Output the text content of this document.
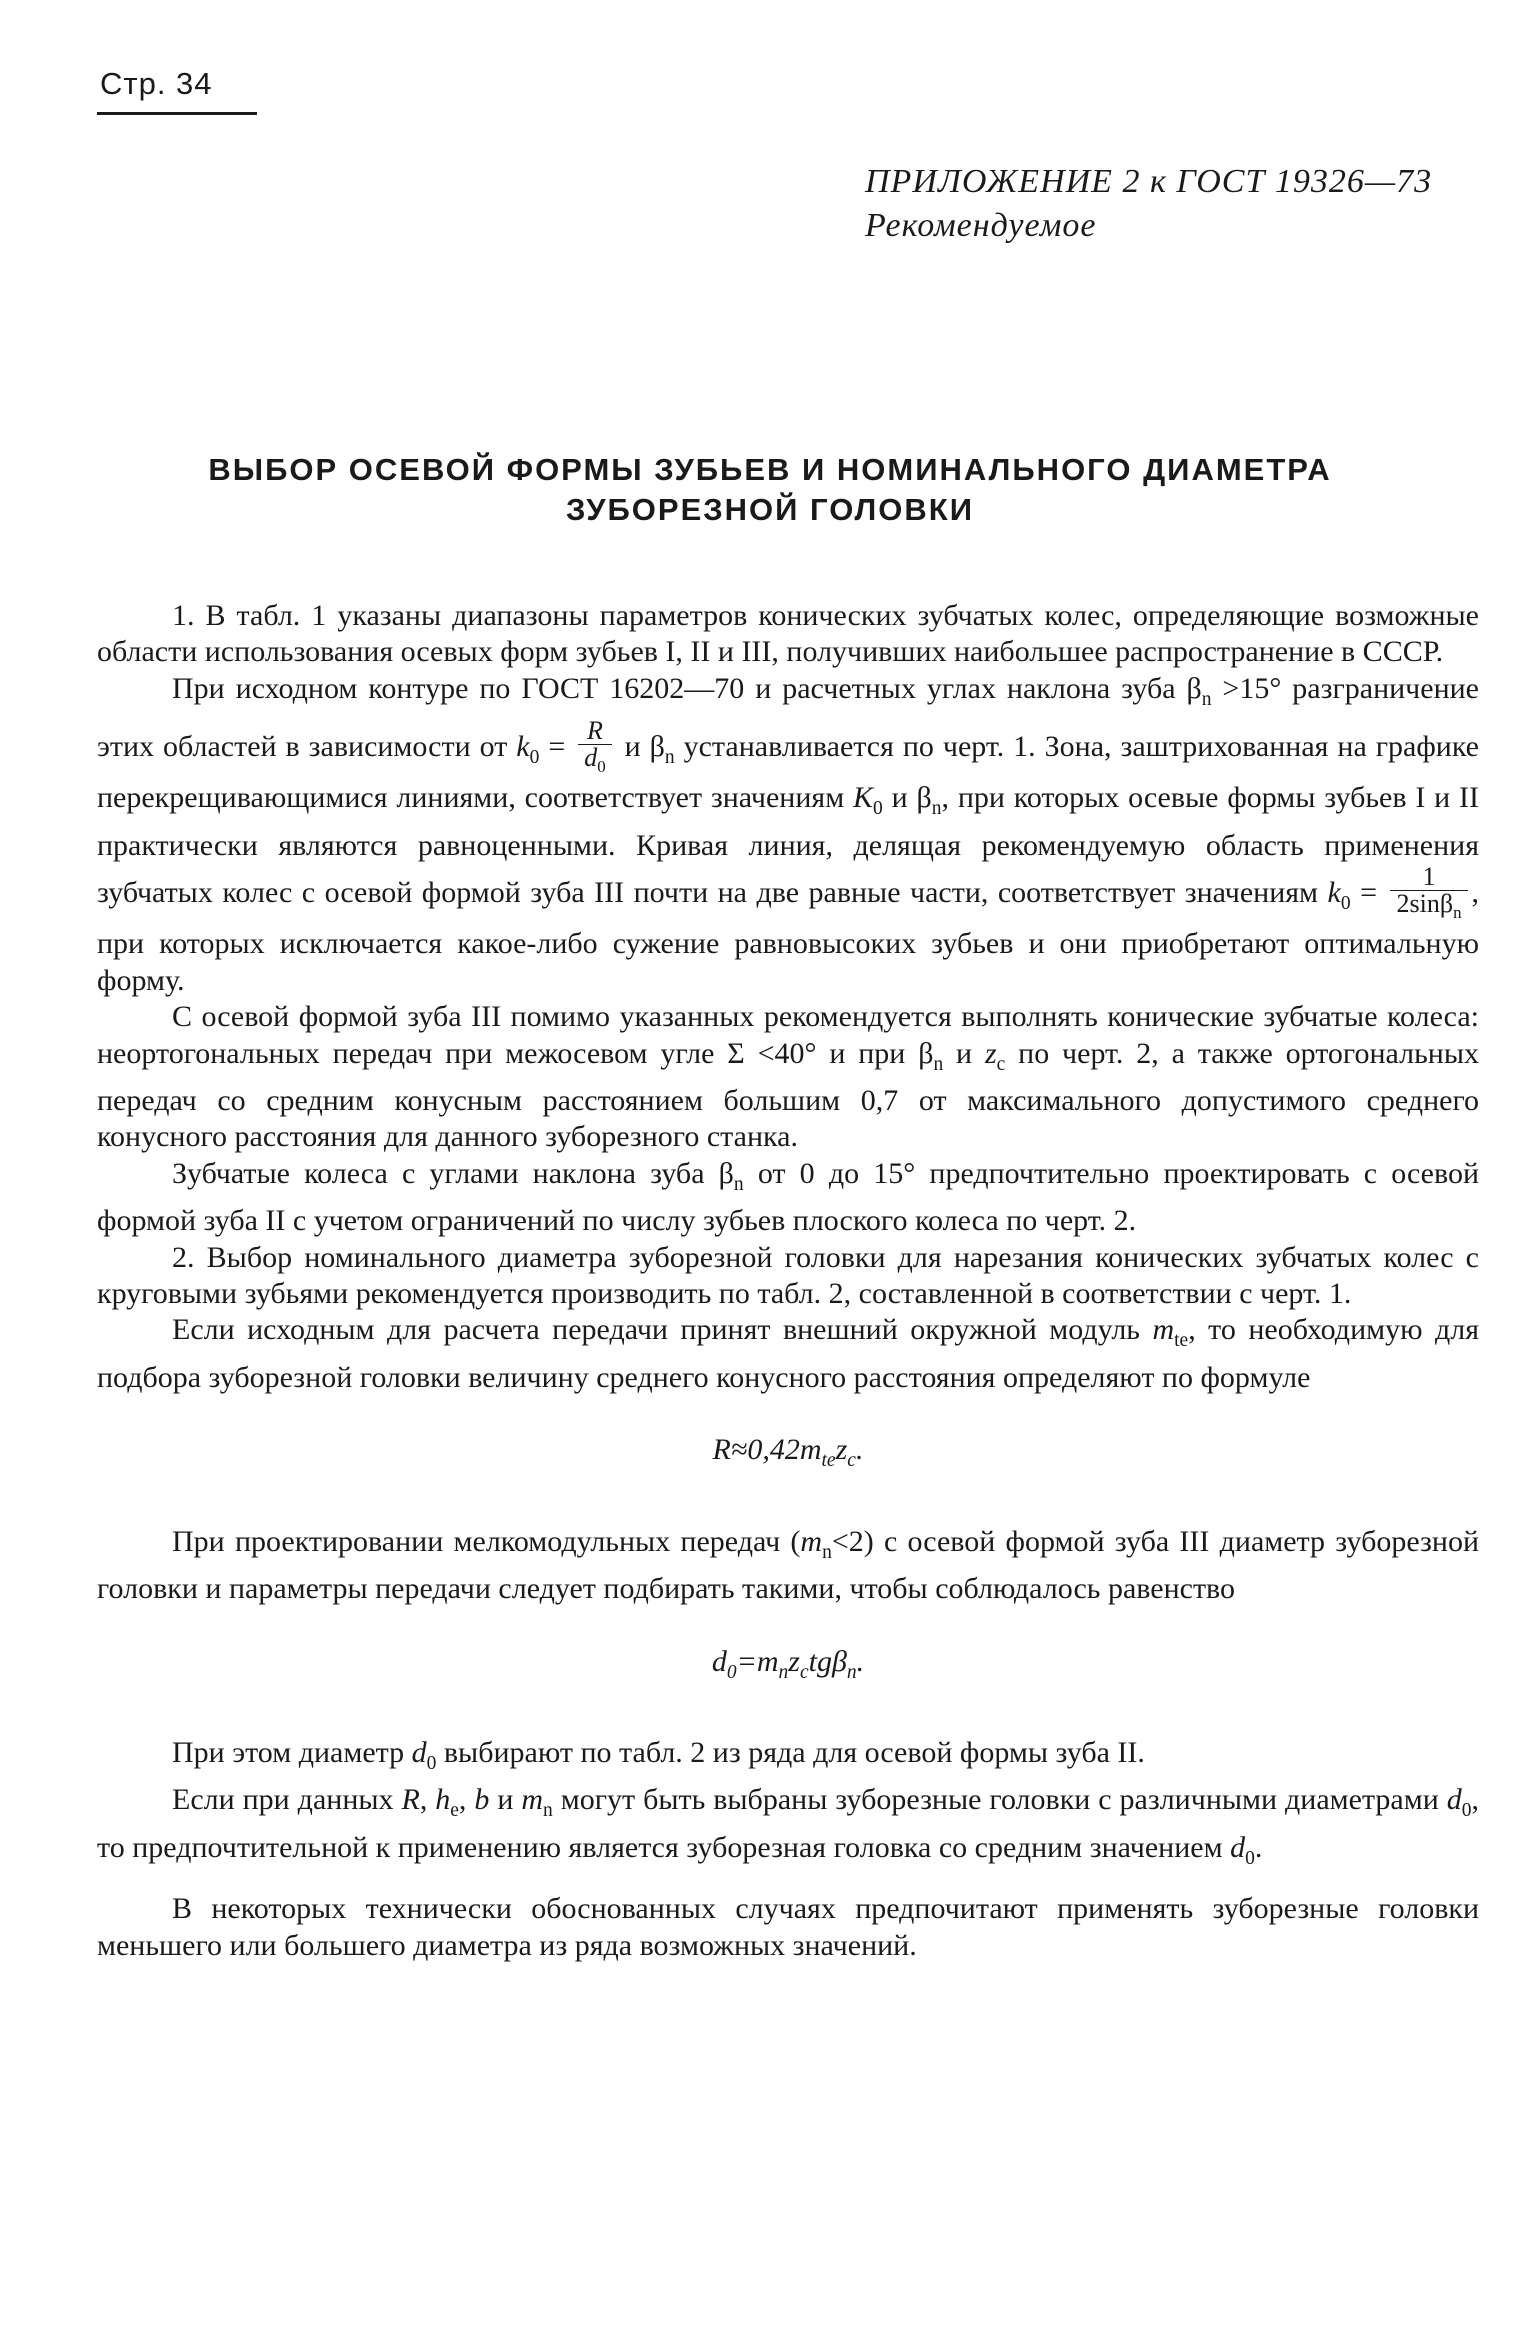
Стр. 34
ПРИЛОЖЕНИЕ 2 к ГОСТ 19326—73
Рекомендуемое
ВЫБОР ОСЕВОЙ ФОРМЫ ЗУБЬЕВ И НОМИНАЛЬНОГО ДИАМЕТРА
ЗУБОРЕЗНОЙ ГОЛОВКИ

1. В табл. 1 указаны диапазоны параметров конических зубчатых колес, определяющие возможные области использования осевых форм зубьев I, II и III, получивших наибольшее распространение в СССР.

При исходном контуре по ГОСТ 16202—70 и расчетных углах наклона зуба $\beta_n >15^\circ$ разграничение этих областей в зависимости от $k_0 = \frac{R}{d_0}$ и $\beta_n$ устанавливается по черт. 1. Зона, заштрихованная на графике перекрещивающимися линиями, соответствует значениям $K_0$ и $\beta_n$, при которых осевые формы зубьев I и II практически являются равноценными. Кривая линия, делящая рекомендуемую область применения зубчатых колес с осевой формой зуба III почти на две равные части, соответствует значениям $k_0 = \frac{1}{2\sin\beta_n}$ , при которых исключается какое-либо сужение равновысоких зубьев и они приобретают оптимальную форму.

С осевой формой зуба III помимо указанных рекомендуется выполнять конические зубчатые колеса: неортогональных передач при межосевом угле Σ <40° и при $\beta_n$ и $z_c$ по черт. 2, а также ортогональных передач со средним конусным расстоянием большим 0,7 от максимального допустимого среднего конусного расстояния для данного зуборезного станка.

Зубчатые колеса с углами наклона зуба $\beta_n$ от 0 до 15° предпочтительно проектировать с осевой формой зуба II с учетом ограничений по числу зубьев плоского колеса по черт. 2.

2. Выбор номинального диаметра зуборезной головки для нарезания конических зубчатых колес с круговыми зубьями рекомендуется производить по табл. 2, составленной в соответствии с черт. 1.

Если исходным для расчета передачи принят внешний окружной модуль $m_{te}$, то необходимую для подбора зуборезной головки величину среднего конусного расстояния определяют по формуле

$R\approx 0,42m_{te}z_c$.

При проектировании мелкомодульных передач $(m_n<2)$ с осевой формой зуба III диаметр зуборезной головки и параметры передачи следует подбирать такими, чтобы соблюдалось равенство

$d_0=m_nz_ctg\beta_n$.

При этом диаметр $d_0$ выбирают по табл. 2 из ряда для осевой формы зуба II.

Если при данных R, $h_e$, b и $m_n$ могут быть выбраны зуборезные головки с различными диаметрами $d_0$, то предпочтительной к применению является зуборезная головка со средним значением $d_0$.

В некоторых технически обоснованных случаях предпочитают применять зуборезные головки меньшего или большего диаметра из ряда возможных значений.
